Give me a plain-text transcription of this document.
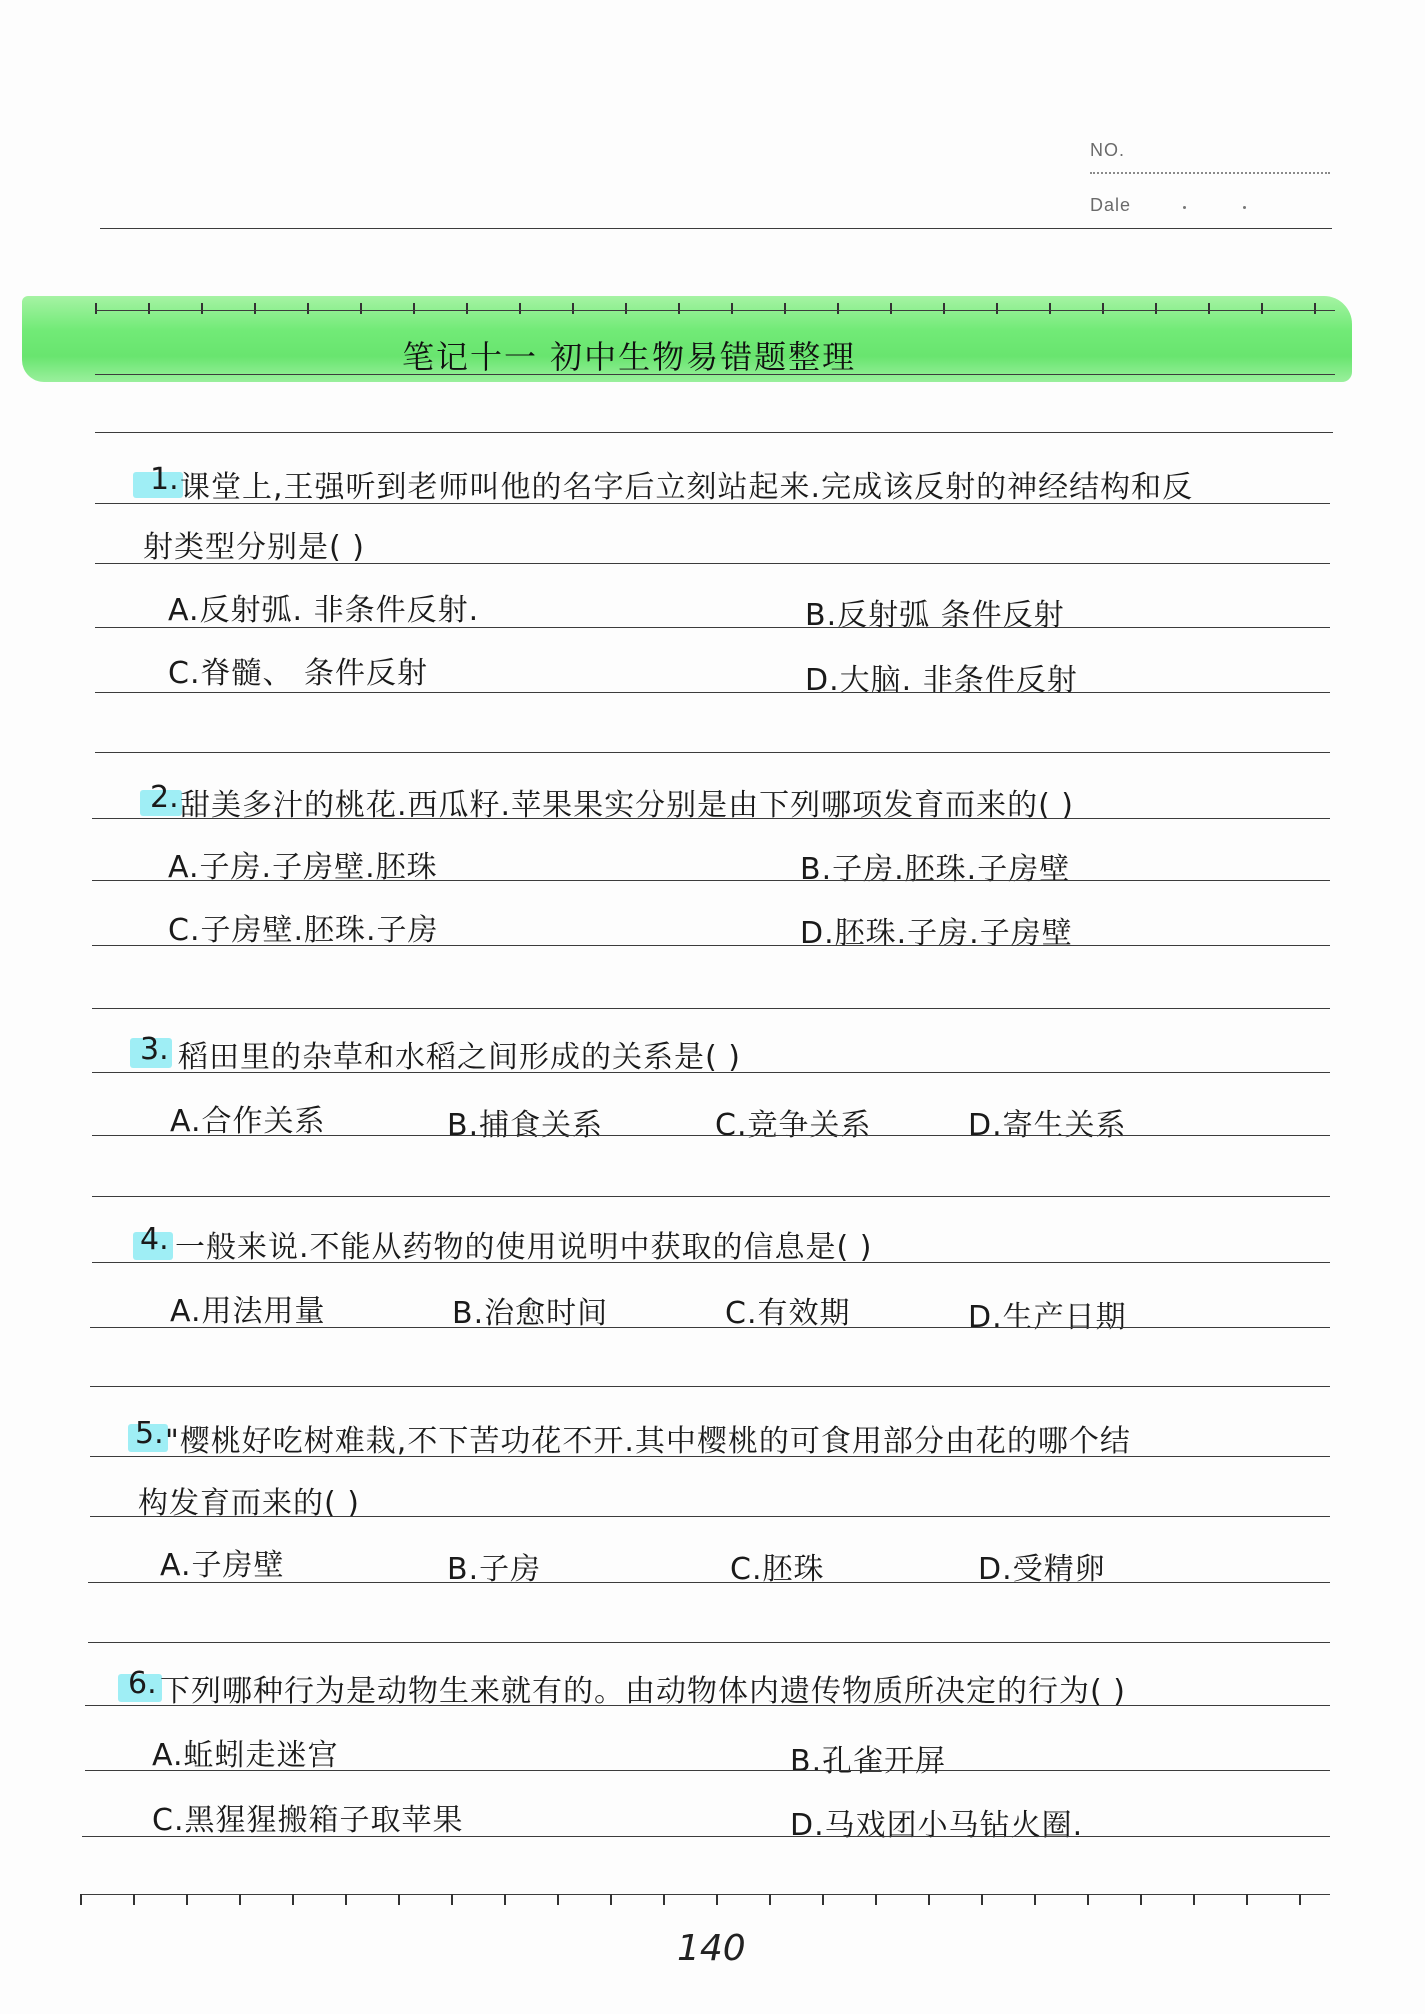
NO.
Dale
笔记十一 初中生物易错题整理
1. 课堂上,王强听到老师叫他的名字后立刻站起来.完成该反射的神经结构和反
射类型分别是( )
A.反射弧. 非条件反射.	B.反射弧 条件反射
C.脊髓、 条件反射	D.大脑. 非条件反射
2. 甜美多汁的桃花.西瓜籽.苹果果实分别是由下列哪项发育而来的( )
A.子房.子房壁.胚珠	B.子房.胚珠.子房壁
C.子房壁.胚珠.子房	D.胚珠.子房.子房壁
3. 稻田里的杂草和水稻之间形成的关系是( )
A.合作关系	B.捕食关系	C.竞争关系	D.寄生关系
4. 一般来说.不能从药物的使用说明中获取的信息是( )
A.用法用量	B.治愈时间	C.有效期	D.生产日期
5. "樱桃好吃树难栽,不下苦功花不开.其中樱桃的可食用部分由花的哪个结
构发育而来的( )
A.子房壁	B.子房	C.胚珠	D.受精卵
6. 下列哪种行为是动物生来就有的。由动物体内遗传物质所决定的行为( )
A.蚯蚓走迷宫	B.孔雀开屏
C.黑猩猩搬箱子取苹果	D.马戏团小马钻火圈.
140
